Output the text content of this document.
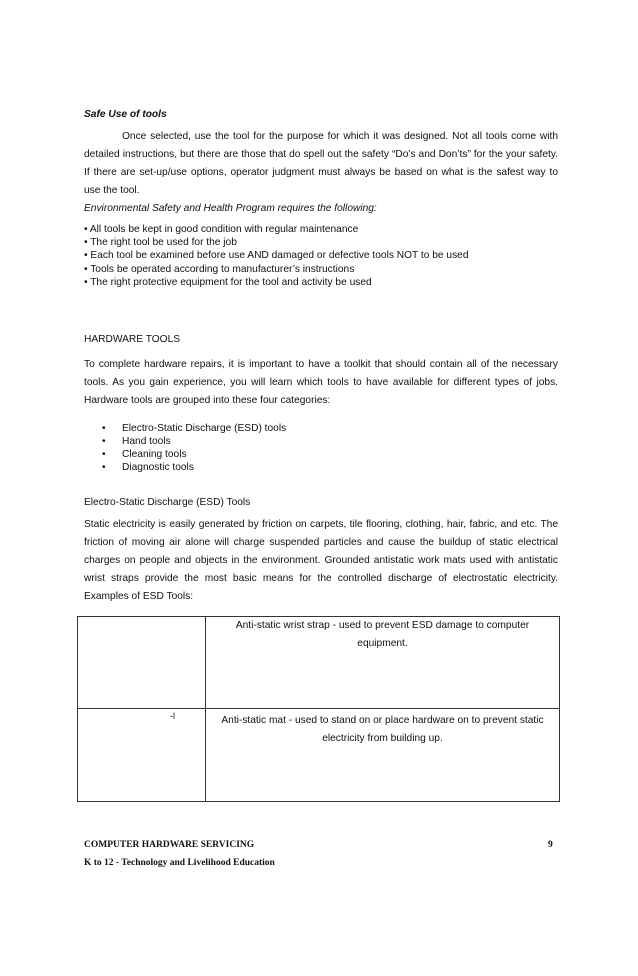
Safe Use of tools
Once selected, use the tool for the purpose for which it was designed. Not all tools come with detailed instructions, but there are those that do spell out the safety “Do’s and Don’ts” for the your safety. If there are set-up/use options, operator judgment must always be based on what is the safest way to use the tool.
Environmental Safety and Health Program requires the following:
• All tools be kept in good condition with regular maintenance
• The right tool be used for the job
• Each tool be examined before use AND damaged or defective tools NOT to be used
• Tools be operated according to manufacturer’s instructions
• The right protective equipment for the tool and activity be used
HARDWARE TOOLS
To complete hardware repairs, it is important to have a toolkit that should contain all of the necessary tools. As you gain experience, you will learn which tools to have available for different types of jobs. Hardware tools are grouped into these four categories:
• Electro-Static Discharge (ESD) tools
• Hand tools
• Cleaning tools
• Diagnostic tools
Electro-Static Discharge (ESD) Tools
Static electricity is easily generated by friction on carpets, tile flooring, clothing, hair, fabric, and etc. The friction of moving air alone will charge suspended particles and cause the buildup of static electrical charges on people and objects in the environment. Grounded antistatic work mats used with antistatic wrist straps provide the most basic means for the controlled discharge of electrostatic electricity. Examples of ESD Tools:
	Anti-static wrist strap - used to prevent ESD damage to computer equipment.
-l	Anti-static mat - used to stand on or place hardware on to prevent static electricity from building up.
COMPUTER HARDWARE SERVICING
K to 12 - Technology and Livelihood Education
9
